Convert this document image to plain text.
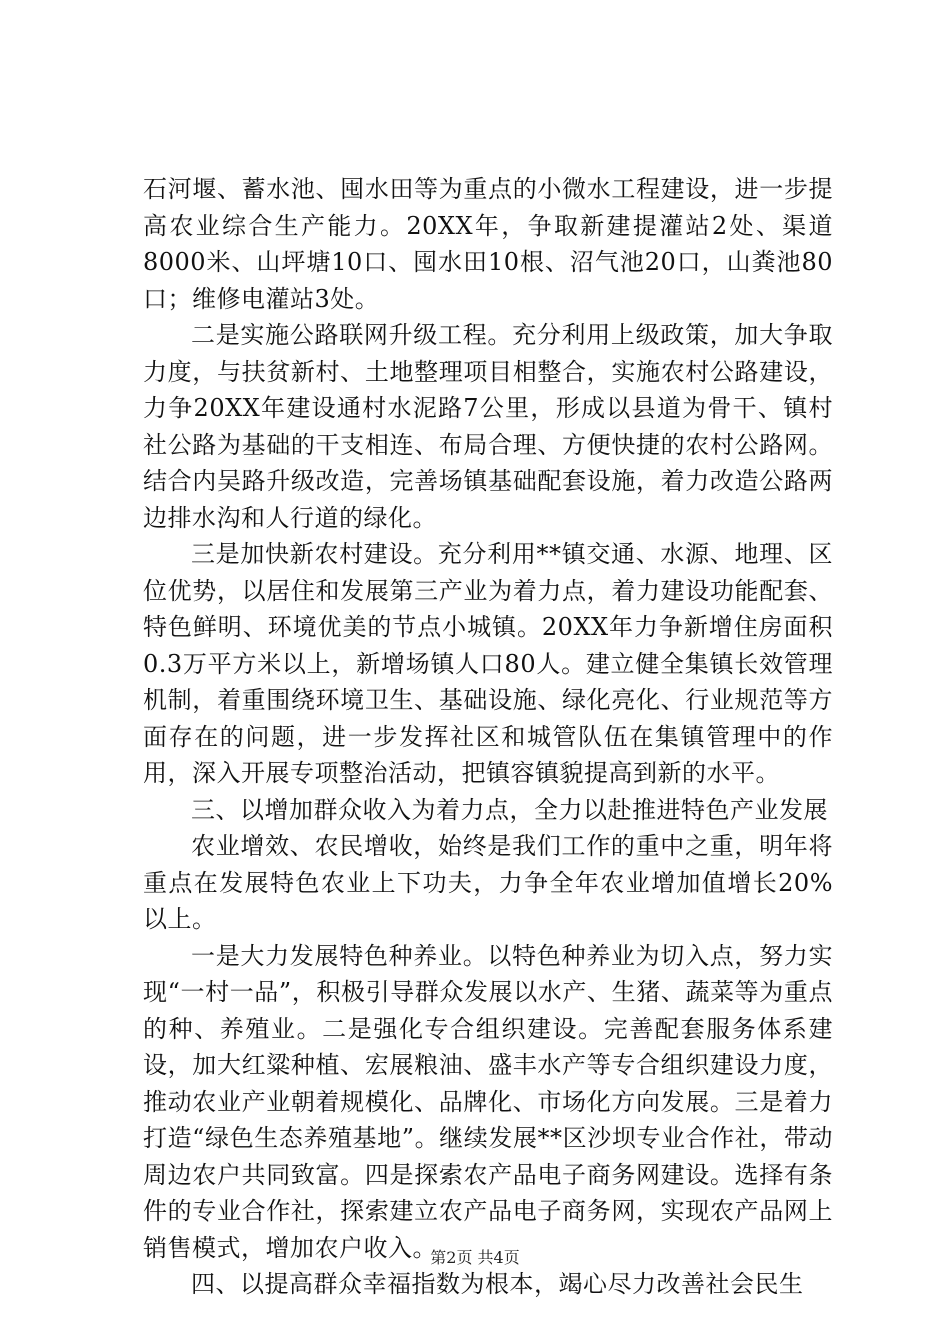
石河堰、蓄水池、囤水田等为重点的小微水工程建设，进一步提高农业综合生产能力。20XX年，争取新建提灌站2处、渠道8000米、山坪塘10口、囤水田10根、沼气池20口，山粪池80口；维修电灌站3处。

二是实施公路联网升级工程。充分利用上级政策，加大争取力度，与扶贫新村、土地整理项目相整合，实施农村公路建设，力争20XX年建设通村水泥路7公里，形成以县道为骨干、镇村社公路为基础的干支相连、布局合理、方便快捷的农村公路网。结合内吴路升级改造，完善场镇基础配套设施，着力改造公路两边排水沟和人行道的绿化。

三是加快新农村建设。充分利用**镇交通、水源、地理、区位优势，以居住和发展第三产业为着力点，着力建设功能配套、特色鲜明、环境优美的节点小城镇。20XX年力争新增住房面积0.3万平方米以上，新增场镇人口80人。建立健全集镇长效管理机制，着重围绕环境卫生、基础设施、绿化亮化、行业规范等方面存在的问题，进一步发挥社区和城管队伍在集镇管理中的作用，深入开展专项整治活动，把镇容镇貌提高到新的水平。

三、以增加群众收入为着力点，全力以赴推进特色产业发展

农业增效、农民增收，始终是我们工作的重中之重，明年将重点在发展特色农业上下功夫，力争全年农业增加值增长20%以上。

一是大力发展特色种养业。以特色种养业为切入点，努力实现“一村一品”，积极引导群众发展以水产、生猪、蔬菜等为重点的种、养殖业。二是强化专合组织建设。完善配套服务体系建设，加大红粱种植、宏展粮油、盛丰水产等专合组织建设力度，推动农业产业朝着规模化、品牌化、市场化方向发展。三是着力打造“绿色生态养殖基地”。继续发展**区沙坝专业合作社，带动周边农户共同致富。四是探索农产品电子商务网建设。选择有条件的专业合作社，探索建立农产品电子商务网，实现农产品网上销售模式，增加农户收入。

四、以提高群众幸福指数为根本，竭心尽力改善社会民生

第2页 共4页
